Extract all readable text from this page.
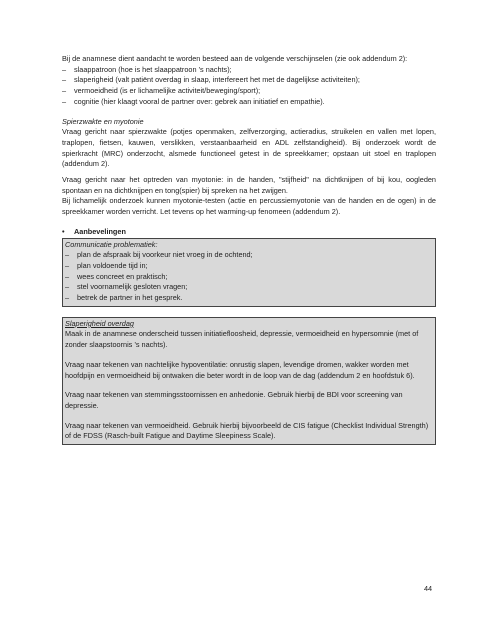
Bij de anamnese dient aandacht te worden besteed aan de volgende verschijnselen (zie ook addendum 2):

– slaappatroon (hoe is het slaappatroon ’s nachts);
– slaperigheid (valt patiënt overdag in slaap, interfereert het met de dagelijkse activiteiten);
– vermoeidheid (is er lichamelijke activiteit/beweging/sport);
– cognitie (hier klaagt vooral de partner over: gebrek aan initiatief en empathie).

Spierzwakte en myotonie

Vraag gericht naar spierzwakte (potjes openmaken, zelfverzorging, actieradius, struikelen en vallen met lopen, traplopen, fietsen, kauwen, verslikken, verstaanbaarheid en ADL zelfstandigheid). Bij onderzoek wordt de spierkracht (MRC) onderzocht, alsmede functioneel getest in de spreekkamer; opstaan uit stoel en traplopen (addendum 2).

Vraag gericht naar het optreden van myotonie: in de handen, "stijfheid" na dichtknijpen of bij kou, oogleden spontaan en na dichtknijpen en tong(spier) bij spreken na het zwijgen.

Bij lichamelijk onderzoek kunnen myotonie-testen (actie en percussiemyotonie van de handen en de ogen) in de spreekkamer worden verricht. Let tevens op het warming-up fenomeen (addendum 2).

•	Aanbevelingen

Communicatie problematiek:

– plan de afspraak bij voorkeur niet vroeg in de ochtend;
– plan voldoende tijd in;
– wees concreet en praktisch;
– stel voornamelijk gesloten vragen;
– betrek de partner in het gesprek.

Slaperigheid overdag

Maak in de anamnese onderscheid tussen initiatiefloosheid, depressie, vermoeidheid en hypersomnie (met of zonder slaapstoornis ’s nachts).

Vraag naar tekenen van nachtelijke hypoventilatie: onrustig slapen, levendige dromen, wakker worden met hoofdpijn en vermoeidheid bij ontwaken die beter wordt in de loop van de dag (addendum 2 en hoofdstuk 6).

Vraag naar tekenen van stemmingsstoornissen en anhedonie. Gebruik hierbij de BDI voor screening van depressie.

Vraag naar tekenen van vermoeidheid. Gebruik hierbij bijvoorbeeld de CIS fatigue (Checklist Individual Strength) of de FDSS (Rasch-built Fatigue and Daytime Sleepiness Scale).

44
